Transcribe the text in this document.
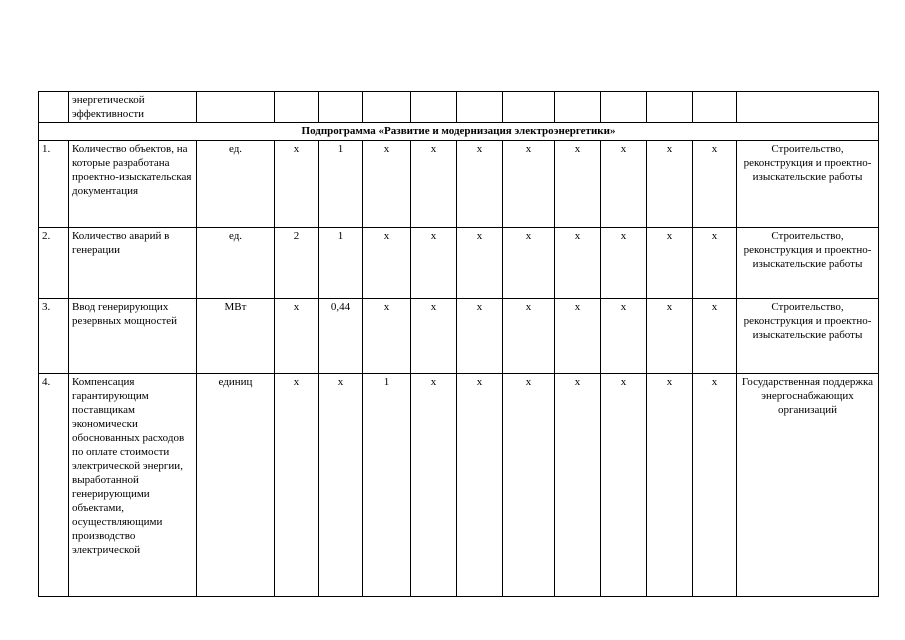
	энергетической эффективности												
Подпрограмма «Развитие и модернизация электроэнергетики»													
1.	Количество объектов, на которые разработана проектно-изыскательская документация	ед.	х	1	х	х	х	х	х	х	х	х	Строительство, реконструкция и проектно-изыскательские работы
2.	Количество аварий в генерации	ед.	2	1	х	х	х	х	х	х	х	х	Строительство, реконструкция и проектно-изыскательские работы
3.	Ввод генерирующих резервных мощностей	МВт	х	0,44	х	х	х	х	х	х	х	х	Строительство, реконструкция и проектно-изыскательские работы
4.	Компенсация гарантирующим поставщикам экономически обоснованных расходов по оплате стоимости электрической энергии, выработанной генерирующими объектами, осуществляющими производство электрической	единиц	х	х	1	х	х	х	х	х	х	х	Государственная поддержка энергоснабжающих организаций
